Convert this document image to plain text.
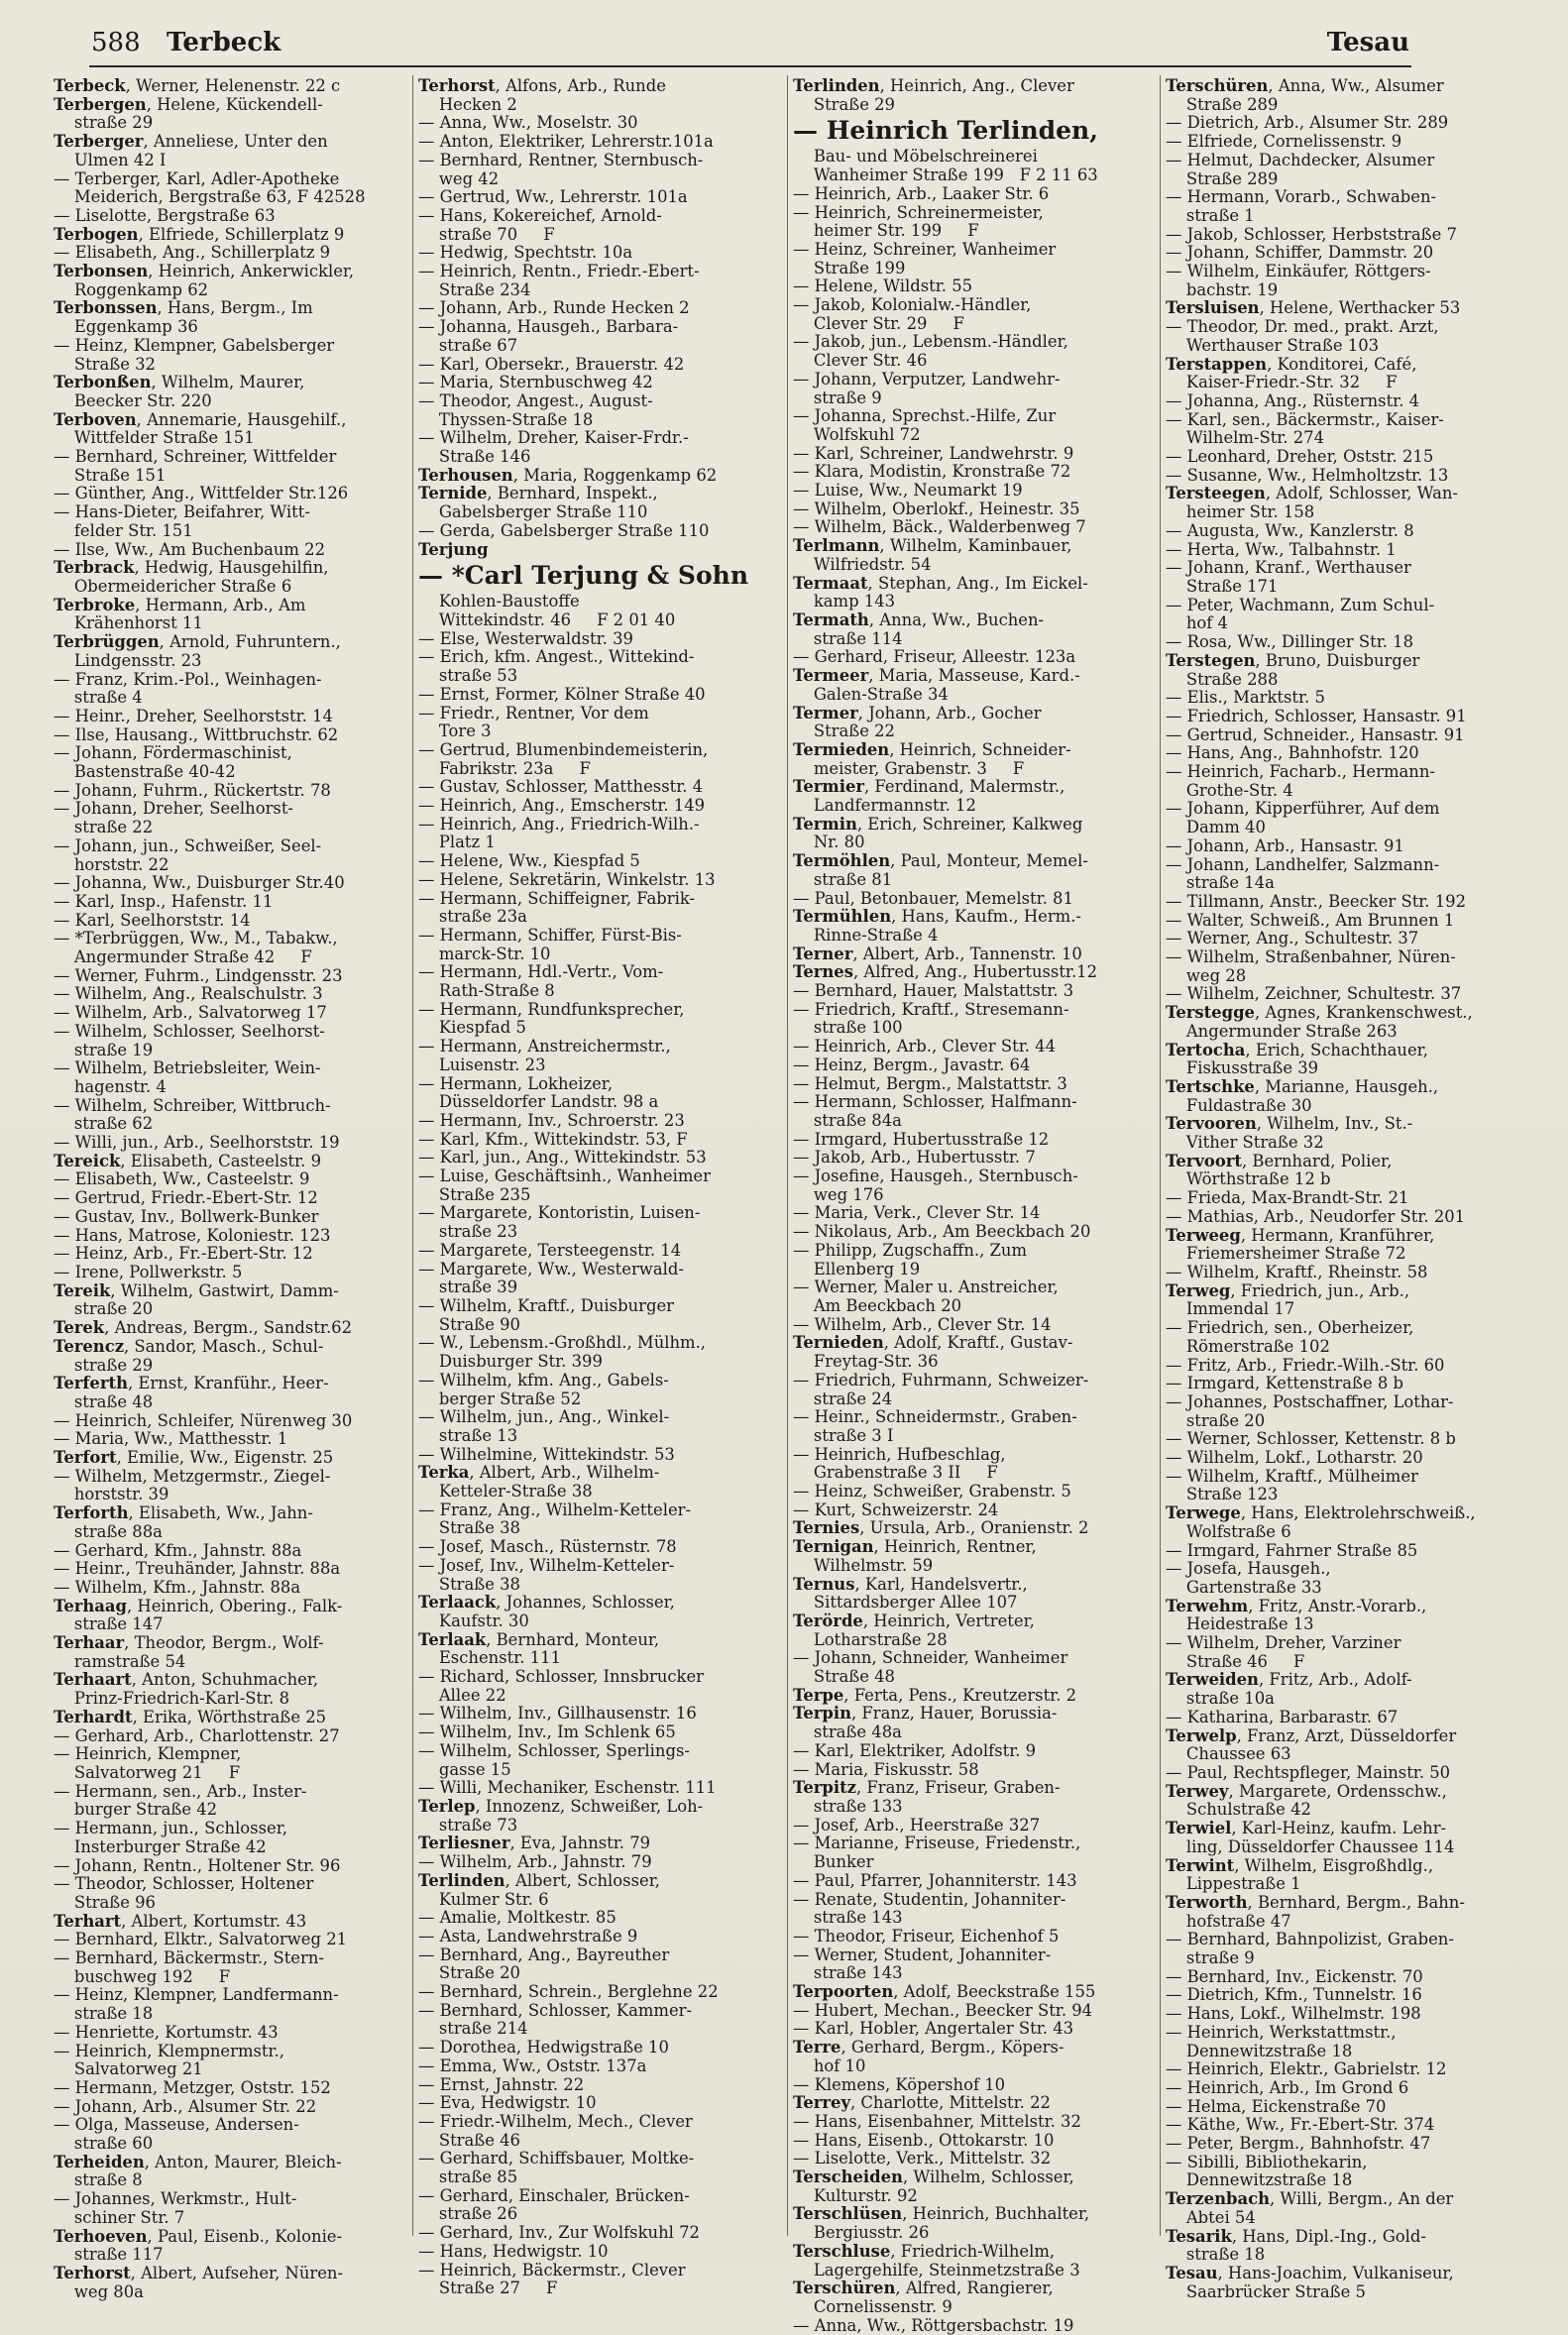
588 Terbeck	Tesau
Terbeck, Werner, Helenenstr. 22 c
Terbergen, Helene, Kückendell-
straße 29
Terberger, Anneliese, Unter den
Ulmen 42 I
— Terberger, Karl, Adler-Apotheke
Meiderich, Bergstraße 63, F 42528
— Liselotte, Bergstraße 63
Terbogen, Elfriede, Schillerplatz 9
— Elisabeth, Ang., Schillerplatz 9
Terbonsen, Heinrich, Ankerwickler,
Roggenkamp 62
Terbonssen, Hans, Bergm., Im
Eggenkamp 36
— Heinz, Klempner, Gabelsberger
Straße 32
Terbonßen, Wilhelm, Maurer,
Beecker Str. 220
Terboven, Annemarie, Hausgehilf.,
Wittfelder Straße 151
— Bernhard, Schreiner, Wittfelder
Straße 151
— Günther, Ang., Wittfelder Str.126
— Hans-Dieter, Beifahrer, Witt-
felder Str. 151
— Ilse, Ww., Am Buchenbaum 22
Terbrack, Hedwig, Hausgehilfin,
Obermeidericher Straße 6
Terbroke, Hermann, Arb., Am
Krähenhorst 11
Terbrüggen, Arnold, Fuhruntern.,
Lindgensstr. 23
— Franz, Krim.-Pol., Weinhagen-
straße 4
— Heinr., Dreher, Seelhorststr. 14
— Ilse, Hausang., Wittbruchstr. 62
— Johann, Fördermaschinist,
Bastenstraße 40-42
— Johann, Fuhrm., Rückertstr. 78
— Johann, Dreher, Seelhorst-
straße 22
— Johann, jun., Schweißer, Seel-
horststr. 22
— Johanna, Ww., Duisburger Str.40
— Karl, Insp., Hafenstr. 11
— Karl, Seelhorststr. 14
— *Terbrüggen, Ww., M., Tabakw.,
Angermunder Straße 42     F
— Werner, Fuhrm., Lindgensstr. 23
— Wilhelm, Ang., Realschulstr. 3
— Wilhelm, Arb., Salvatorweg 17
— Wilhelm, Schlosser, Seelhorst-
straße 19
— Wilhelm, Betriebsleiter, Wein-
hagenstr. 4
— Wilhelm, Schreiber, Wittbruch-
straße 62
— Willi, jun., Arb., Seelhorststr. 19
Tereick, Elisabeth, Casteelstr. 9
— Elisabeth, Ww., Casteelstr. 9
— Gertrud, Friedr.-Ebert-Str. 12
— Gustav, Inv., Bollwerk-Bunker
— Hans, Matrose, Koloniestr. 123
— Heinz, Arb., Fr.-Ebert-Str. 12
— Irene, Pollwerkstr. 5
Tereik, Wilhelm, Gastwirt, Damm-
straße 20
Terek, Andreas, Bergm., Sandstr.62
Terencz, Sandor, Masch., Schul-
straße 29
Terferth, Ernst, Kranführ., Heer-
straße 48
— Heinrich, Schleifer, Nürenweg 30
— Maria, Ww., Matthesstr. 1
Terfort, Emilie, Ww., Eigenstr. 25
— Wilhelm, Metzgermstr., Ziegel-
horststr. 39
Terforth, Elisabeth, Ww., Jahn-
straße 88a
— Gerhard, Kfm., Jahnstr. 88a
— Heinr., Treuhänder, Jahnstr. 88a
— Wilhelm, Kfm., Jahnstr. 88a
Terhaag, Heinrich, Obering., Falk-
straße 147
Terhaar, Theodor, Bergm., Wolf-
ramstraße 54
Terhaart, Anton, Schuhmacher,
Prinz-Friedrich-Karl-Str. 8
Terhardt, Erika, Wörthstraße 25
— Gerhard, Arb., Charlottenstr. 27
— Heinrich, Klempner,
Salvatorweg 21     F
— Hermann, sen., Arb., Inster-
burger Straße 42
— Hermann, jun., Schlosser,
Insterburger Straße 42
— Johann, Rentn., Holtener Str. 96
— Theodor, Schlosser, Holtener
Straße 96
Terhart, Albert, Kortumstr. 43
— Bernhard, Elktr., Salvatorweg 21
— Bernhard, Bäckermstr., Stern-
buschweg 192     F
— Heinz, Klempner, Landfermann-
straße 18
— Henriette, Kortumstr. 43
— Heinrich, Klempnermstr.,
Salvatorweg 21
— Hermann, Metzger, Oststr. 152
— Johann, Arb., Alsumer Str. 22
— Olga, Masseuse, Andersen-
straße 60
Terheiden, Anton, Maurer, Bleich-
straße 8
— Johannes, Werkmstr., Hult-
schiner Str. 7
Terhoeven, Paul, Eisenb., Kolonie-
straße 117
Terhorst, Albert, Aufseher, Nüren-
weg 80a
Terhorst, Alfons, Arb., Runde
Hecken 2
— Anna, Ww., Moselstr. 30
— Anton, Elektriker, Lehrerstr.101a
— Bernhard, Rentner, Sternbusch-
weg 42
— Gertrud, Ww., Lehrerstr. 101a
— Hans, Kokereichef, Arnold-
straße 70     F
— Hedwig, Spechtstr. 10a
— Heinrich, Rentn., Friedr.-Ebert-
Straße 234
— Johann, Arb., Runde Hecken 2
— Johanna, Hausgeh., Barbara-
straße 67
— Karl, Obersekr., Brauerstr. 42
— Maria, Sternbuschweg 42
— Theodor, Angest., August-
Thyssen-Straße 18
— Wilhelm, Dreher, Kaiser-Frdr.-
Straße 146
Terhousen, Maria, Roggenkamp 62
Ternide, Bernhard, Inspekt.,
Gabelsberger Straße 110
— Gerda, Gabelsberger Straße 110
Terjung
— *Carl Terjung & Sohn
Kohlen-Baustoffe
Wittekindstr. 46     F 2 01 40
— Else, Westerwaldstr. 39
— Erich, kfm. Angest., Wittekind-
straße 53
— Ernst, Former, Kölner Straße 40
— Friedr., Rentner, Vor dem
Tore 3
— Gertrud, Blumenbindemeisterin,
Fabrikstr. 23a     F
— Gustav, Schlosser, Matthesstr. 4
— Heinrich, Ang., Emscherstr. 149
— Heinrich, Ang., Friedrich-Wilh.-
Platz 1
— Helene, Ww., Kiespfad 5
— Helene, Sekretärin, Winkelstr. 13
— Hermann, Schiffeigner, Fabrik-
straße 23a
— Hermann, Schiffer, Fürst-Bis-
marck-Str. 10
— Hermann, Hdl.-Vertr., Vom-
Rath-Straße 8
— Hermann, Rundfunksprecher,
Kiespfad 5
— Hermann, Anstreichermstr.,
Luisenstr. 23
— Hermann, Lokheizer,
Düsseldorfer Landstr. 98 a
— Hermann, Inv., Schroerstr. 23
— Karl, Kfm., Wittekindstr. 53, F
— Karl, jun., Ang., Wittekindstr. 53
— Luise, Geschäftsinh., Wanheimer
Straße 235
— Margarete, Kontoristin, Luisen-
straße 23
— Margarete, Tersteegenstr. 14
— Margarete, Ww., Westerwald-
straße 39
— Wilhelm, Kraftf., Duisburger
Straße 90
— W., Lebensm.-Großhdl., Mülhm.,
Duisburger Str. 399
— Wilhelm, kfm. Ang., Gabels-
berger Straße 52
— Wilhelm, jun., Ang., Winkel-
straße 13
— Wilhelmine, Wittekindstr. 53
Terka, Albert, Arb., Wilhelm-
Ketteler-Straße 38
— Franz, Ang., Wilhelm-Ketteler-
Straße 38
— Josef, Masch., Rüsternstr. 78
— Josef, Inv., Wilhelm-Ketteler-
Straße 38
Terlaack, Johannes, Schlosser,
Kaufstr. 30
Terlaak, Bernhard, Monteur,
Eschenstr. 111
— Richard, Schlosser, Innsbrucker
Allee 22
— Wilhelm, Inv., Gillhausenstr. 16
— Wilhelm, Inv., Im Schlenk 65
— Wilhelm, Schlosser, Sperlings-
gasse 15
— Willi, Mechaniker, Eschenstr. 111
Terlep, Innozenz, Schweißer, Loh-
straße 73
Terliesner, Eva, Jahnstr. 79
— Wilhelm, Arb., Jahnstr. 79
Terlinden, Albert, Schlosser,
Kulmer Str. 6
— Amalie, Moltkestr. 85
— Asta, Landwehrstraße 9
— Bernhard, Ang., Bayreuther
Straße 20
— Bernhard, Schrein., Berglehne 22
— Bernhard, Schlosser, Kammer-
straße 214
— Dorothea, Hedwigstraße 10
— Emma, Ww., Oststr. 137a
— Ernst, Jahnstr. 22
— Eva, Hedwigstr. 10
— Friedr.-Wilhelm, Mech., Clever
Straße 46
— Gerhard, Schiffsbauer, Moltke-
straße 85
— Gerhard, Einschaler, Brücken-
straße 26
— Gerhard, Inv., Zur Wolfskuhl 72
— Hans, Hedwigstr. 10
— Heinrich, Bäckermstr., Clever
Straße 27     F
Terlinden, Heinrich, Ang., Clever
Straße 29
— Heinrich Terlinden,
Bau- und Möbelschreinerei
Wanheimer Straße 199   F 2 11 63
— Heinrich, Arb., Laaker Str. 6
— Heinrich, Schreinermeister,
heimer Str. 199     F
— Heinz, Schreiner, Wanheimer
Straße 199
— Helene, Wildstr. 55
— Jakob, Kolonialw.-Händler,
Clever Str. 29     F
— Jakob, jun., Lebensm.-Händler,
Clever Str. 46
— Johann, Verputzer, Landwehr-
straße 9
— Johanna, Sprechst.-Hilfe, Zur
Wolfskuhl 72
— Karl, Schreiner, Landwehrstr. 9
— Klara, Modistin, Kronstraße 72
— Luise, Ww., Neumarkt 19
— Wilhelm, Oberlokf., Heinestr. 35
— Wilhelm, Bäck., Walderbenweg 7
Terlmann, Wilhelm, Kaminbauer,
Wilfriedstr. 54
Termaat, Stephan, Ang., Im Eickel-
kamp 143
Termath, Anna, Ww., Buchen-
straße 114
— Gerhard, Friseur, Alleestr. 123a
Termeer, Maria, Masseuse, Kard.-
Galen-Straße 34
Termer, Johann, Arb., Gocher
Straße 22
Termieden, Heinrich, Schneider-
meister, Grabenstr. 3     F
Termier, Ferdinand, Malermstr.,
Landfermannstr. 12
Termin, Erich, Schreiner, Kalkweg
Nr. 80
Termöhlen, Paul, Monteur, Memel-
straße 81
— Paul, Betonbauer, Memelstr. 81
Termühlen, Hans, Kaufm., Herm.-
Rinne-Straße 4
Terner, Albert, Arb., Tannenstr. 10
Ternes, Alfred, Ang., Hubertusstr.12
— Bernhard, Hauer, Malstattstr. 3
— Friedrich, Kraftf., Stresemann-
straße 100
— Heinrich, Arb., Clever Str. 44
— Heinz, Bergm., Javastr. 64
— Helmut, Bergm., Malstattstr. 3
— Hermann, Schlosser, Halfmann-
straße 84a
— Irmgard, Hubertusstraße 12
— Jakob, Arb., Hubertusstr. 7
— Josefine, Hausgeh., Sternbusch-
weg 176
— Maria, Verk., Clever Str. 14
— Nikolaus, Arb., Am Beeckbach 20
— Philipp, Zugschaffn., Zum
Ellenberg 19
— Werner, Maler u. Anstreicher,
Am Beeckbach 20
— Wilhelm, Arb., Clever Str. 14
Ternieden, Adolf, Kraftf., Gustav-
Freytag-Str. 36
— Friedrich, Fuhrmann, Schweizer-
straße 24
— Heinr., Schneidermstr., Graben-
straße 3 I
— Heinrich, Hufbeschlag,
Grabenstraße 3 II     F
— Heinz, Schweißer, Grabenstr. 5
— Kurt, Schweizerstr. 24
Ternies, Ursula, Arb., Oranienstr. 2
Ternigan, Heinrich, Rentner,
Wilhelmstr. 59
Ternus, Karl, Handelsvertr.,
Sittardsberger Allee 107
Terörde, Heinrich, Vertreter,
Lotharstraße 28
— Johann, Schneider, Wanheimer
Straße 48
Terpe, Ferta, Pens., Kreutzerstr. 2
Terpin, Franz, Hauer, Borussia-
straße 48a
— Karl, Elektriker, Adolfstr. 9
— Maria, Fiskusstr. 58
Terpitz, Franz, Friseur, Graben-
straße 133
— Josef, Arb., Heerstraße 327
— Marianne, Friseuse, Friedenstr.,
Bunker
— Paul, Pfarrer, Johanniterstr. 143
— Renate, Studentin, Johanniter-
straße 143
— Theodor, Friseur, Eichenhof 5
— Werner, Student, Johanniter-
straße 143
Terpoorten, Adolf, Beeckstraße 155
— Hubert, Mechan., Beecker Str. 94
— Karl, Hobler, Angertaler Str. 43
Terre, Gerhard, Bergm., Köpers-
hof 10
— Klemens, Köpershof 10
Terrey, Charlotte, Mittelstr. 22
— Hans, Eisenbahner, Mittelstr. 32
— Hans, Eisenb., Ottokarstr. 10
— Liselotte, Verk., Mittelstr. 32
Terscheiden, Wilhelm, Schlosser,
Kulturstr. 92
Terschlüsen, Heinrich, Buchhalter,
Bergiusstr. 26
Terschluse, Friedrich-Wilhelm,
Lagergehilfe, Steinmetzstraße 3
Terschüren, Alfred, Rangierer,
Cornelissenstr. 9
— Anna, Ww., Röttgersbachstr. 19
Terschüren, Anna, Ww., Alsumer
Straße 289
— Dietrich, Arb., Alsumer Str. 289
— Elfriede, Cornelissenstr. 9
— Helmut, Dachdecker, Alsumer
Straße 289
— Hermann, Vorarb., Schwaben-
straße 1
— Jakob, Schlosser, Herbststraße 7
— Johann, Schiffer, Dammstr. 20
— Wilhelm, Einkäufer, Röttgers-
bachstr. 19
Tersluisen, Helene, Werthacker 53
— Theodor, Dr. med., prakt. Arzt,
Werthauser Straße 103
Terstappen, Konditorei, Café,
Kaiser-Friedr.-Str. 32     F
— Johanna, Ang., Rüsternstr. 4
— Karl, sen., Bäckermstr., Kaiser-
Wilhelm-Str. 274
— Leonhard, Dreher, Oststr. 215
— Susanne, Ww., Helmholtzstr. 13
Tersteegen, Adolf, Schlosser, Wan-
heimer Str. 158
— Augusta, Ww., Kanzlerstr. 8
— Herta, Ww., Talbahnstr. 1
— Johann, Kranf., Werthauser
Straße 171
— Peter, Wachmann, Zum Schul-
hof 4
— Rosa, Ww., Dillinger Str. 18
Terstegen, Bruno, Duisburger
Straße 288
— Elis., Marktstr. 5
— Friedrich, Schlosser, Hansastr. 91
— Gertrud, Schneider., Hansastr. 91
— Hans, Ang., Bahnhofstr. 120
— Heinrich, Facharb., Hermann-
Grothe-Str. 4
— Johann, Kipperführer, Auf dem
Damm 40
— Johann, Arb., Hansastr. 91
— Johann, Landhelfer, Salzmann-
straße 14a
— Tillmann, Anstr., Beecker Str. 192
— Walter, Schweiß., Am Brunnen 1
— Werner, Ang., Schultestr. 37
— Wilhelm, Straßenbahner, Nüren-
weg 28
— Wilhelm, Zeichner, Schultestr. 37
Terstegge, Agnes, Krankenschwest.,
Angermunder Straße 263
Tertocha, Erich, Schachthauer,
Fiskusstraße 39
Tertschke, Marianne, Hausgeh.,
Fuldastraße 30
Tervooren, Wilhelm, Inv., St.-
Vither Straße 32
Tervoort, Bernhard, Polier,
Wörthstraße 12 b
— Frieda, Max-Brandt-Str. 21
— Mathias, Arb., Neudorfer Str. 201
Terweeg, Hermann, Kranführer,
Friemersheimer Straße 72
— Wilhelm, Kraftf., Rheinstr. 58
Terweg, Friedrich, jun., Arb.,
Immendal 17
— Friedrich, sen., Oberheizer,
Römerstraße 102
— Fritz, Arb., Friedr.-Wilh.-Str. 60
— Irmgard, Kettenstraße 8 b
— Johannes, Postschaffner, Lothar-
straße 20
— Werner, Schlosser, Kettenstr. 8 b
— Wilhelm, Lokf., Lotharstr. 20
— Wilhelm, Kraftf., Mülheimer
Straße 123
Terwege, Hans, Elektrolehrschweiß.,
Wolfstraße 6
— Irmgard, Fahrner Straße 85
— Josefa, Hausgeh.,
Gartenstraße 33
Terwehm, Fritz, Anstr.-Vorarb.,
Heidestraße 13
— Wilhelm, Dreher, Varziner
Straße 46     F
Terweiden, Fritz, Arb., Adolf-
straße 10a
— Katharina, Barbarastr. 67
Terwelp, Franz, Arzt, Düsseldorfer
Chaussee 63
— Paul, Rechtspfleger, Mainstr. 50
Terwey, Margarete, Ordensschw.,
Schulstraße 42
Terwiel, Karl-Heinz, kaufm. Lehr-
ling, Düsseldorfer Chaussee 114
Terwint, Wilhelm, Eisgroßhdlg.,
Lippestraße 1
Terworth, Bernhard, Bergm., Bahn-
hofstraße 47
— Bernhard, Bahnpolizist, Graben-
straße 9
— Bernhard, Inv., Eickenstr. 70
— Dietrich, Kfm., Tunnelstr. 16
— Hans, Lokf., Wilhelmstr. 198
— Heinrich, Werkstattmstr.,
Dennewitzstraße 18
— Heinrich, Elektr., Gabrielstr. 12
— Heinrich, Arb., Im Grond 6
— Helma, Eickenstraße 70
— Käthe, Ww., Fr.-Ebert-Str. 374
— Peter, Bergm., Bahnhofstr. 47
— Sibilli, Bibliothekarin,
Dennewitzstraße 18
Terzenbach, Willi, Bergm., An der
Abtei 54
Tesarik, Hans, Dipl.-Ing., Gold-
straße 18
Tesau, Hans-Joachim, Vulkaniseur,
Saarbrücker Straße 5
